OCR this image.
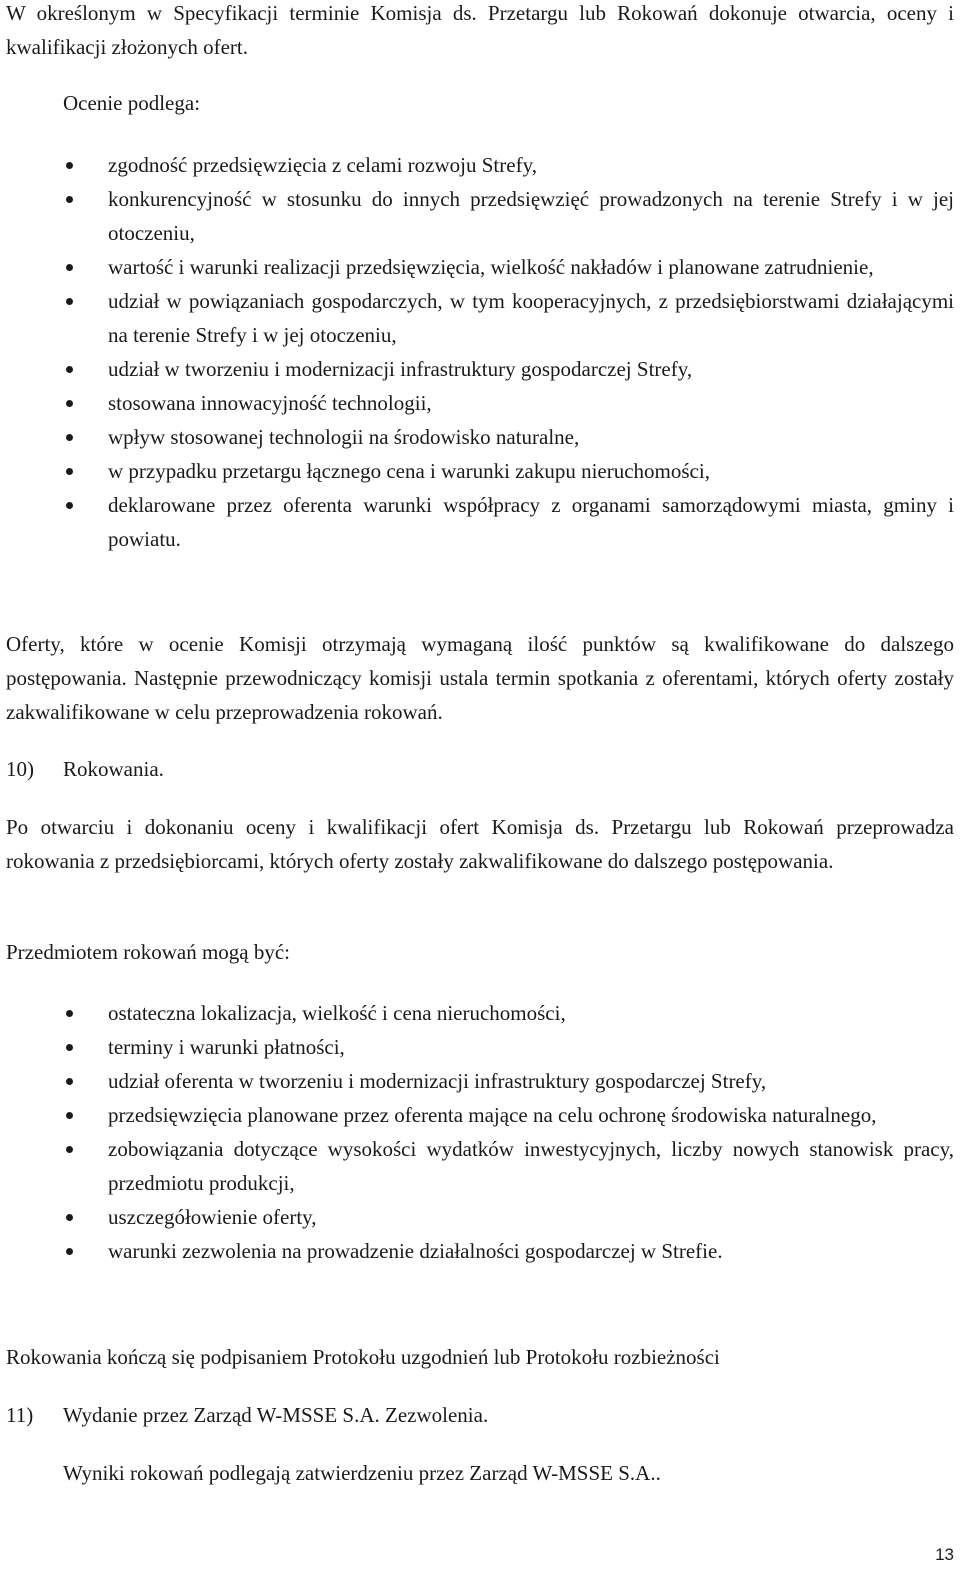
W określonym w Specyfikacji terminie Komisja ds. Przetargu lub Rokowań dokonuje otwarcia, oceny i kwalifikacji złożonych ofert.

Ocenie podlega:

zgodność przedsięwzięcia z celami rozwoju Strefy,
konkurencyjność w stosunku do innych przedsięwzięć prowadzonych na terenie Strefy i w jej otoczeniu,
wartość i warunki realizacji przedsięwzięcia, wielkość nakładów i planowane zatrudnienie,
udział w powiązaniach gospodarczych, w tym kooperacyjnych, z przedsiębiorstwami działającymi na terenie Strefy i w jej otoczeniu,
udział w tworzeniu i modernizacji infrastruktury gospodarczej Strefy,
stosowana innowacyjność technologii,
wpływ stosowanej technologii na środowisko naturalne,
w przypadku przetargu łącznego cena i warunki zakupu nieruchomości,
deklarowane przez oferenta warunki współpracy z organami samorządowymi miasta, gminy i powiatu.

Oferty, które w ocenie Komisji otrzymają wymaganą ilość punktów są kwalifikowane do dalszego postępowania. Następnie przewodniczący komisji ustala termin spotkania z oferentami, których oferty zostały zakwalifikowane w celu przeprowadzenia rokowań.

10) Rokowania.

Po otwarciu i dokonaniu oceny i kwalifikacji ofert Komisja ds. Przetargu lub Rokowań przeprowadza rokowania z przedsiębiorcami, których oferty zostały zakwalifikowane do dalszego postępowania.

Przedmiotem rokowań mogą być:

ostateczna lokalizacja, wielkość i cena nieruchomości,
terminy i warunki płatności,
udział oferenta w tworzeniu i modernizacji infrastruktury gospodarczej Strefy,
przedsięwzięcia planowane przez oferenta mające na celu ochronę środowiska naturalnego,
zobowiązania dotyczące wysokości wydatków inwestycyjnych, liczby nowych stanowisk pracy, przedmiotu produkcji,
uszczegółowienie oferty,
warunki zezwolenia na prowadzenie działalności gospodarczej w Strefie.

Rokowania kończą się podpisaniem Protokołu uzgodnień lub Protokołu rozbieżności

11) Wydanie przez Zarząd W-MSSE S.A. Zezwolenia.

Wyniki rokowań podlegają zatwierdzeniu przez Zarząd W-MSSE S.A..

13
